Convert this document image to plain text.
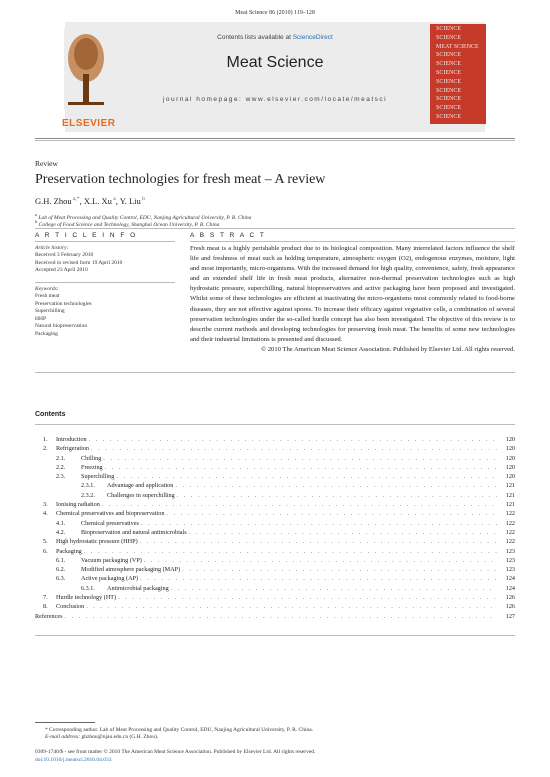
Meat Science 86 (2010) 119–128
ELSEVIER
Contents lists available at ScienceDirect
Meat Science
journal homepage: www.elsevier.com/locate/meatsci
SCIENCE
SCIENCE
MEAT SCIENCE
SCIENCE
SCIENCE
SCIENCE
SCIENCE
SCIENCE
SCIENCE
SCIENCE
SCIENCE
Review
Preservation technologies for fresh meat – A review
G.H. Zhou $^{a,*}$, X.L. Xu $^a$, Y. Liu $^b$
$^a$ Lab of Meat Processing and Quality Control, EDU, Nanjing Agricultural University, P. R. China
$^b$ College of Food Science and Technology, Shanghai Ocean University, P. R. China
A R T I C L E I N F O	A B S T R A C T
Article history:
Received 3 February 2010
Received in revised form 19 April 2010
Accepted 23 April 2010
Keywords:
Fresh meat
Preservation technologies
Superchilling
HHP
Natural biopreservation
Packaging
Fresh meat is a highly perishable product due to its biological composition. Many interrelated factors influence the shelf life and freshness of meat such as holding temperature, atmospheric oxygen (O2), endogenous enzymes, moisture, light and most importantly, micro-organisms. With the increased demand for high quality, convenience, safety, fresh appearance and an extended shelf life in fresh meat products, alternative non-thermal preservation technologies such as high hydrostatic pressure, superchilling, natural biopreservatives and active packaging have been proposed and investigated. Whilst some of these technologies are efficient at inactivating the micro-organisms most commonly related to food-borne diseases, they are not effective against spores. To increase their efficacy against vegetative cells, a combination of several preservation technologies under the so-called hurdle concept has also been investigated. The objective of this review is to describe current methods and developing technologies for preserving fresh meat. The benefits of some new technologies and their industrial limitations is presented and discussed.
© 2010 The American Meat Science Association. Published by Elsevier Ltd. All rights reserved.
Contents
1.	Introduction . . .	120
2.	Refrigeration . . .	120
2.1.	Chilling . . .	120
2.2.	Freezing . . .	120
2.3.	Superchilling . . .	120
2.3.1.	Advantage and application . . .	121
2.3.2.	Challenges in superchilling . . .	121
3.	Ionising radiation . . .	121
4.	Chemical preservatives and biopreservation . . .	122
4.1.	Chemical preservatives . . .	122
4.2.	Biopreservation and natural antimicrobials . . .	122
5.	High hydrostatic pressure (HHP) . . .	122
6.	Packaging . . .	123
6.1.	Vacuum packaging (VP) . . .	123
6.2.	Modified atmosphere packaging (MAP) . . .	123
6.3.	Active packaging (AP) . . .	124
6.3.1.	Antimicrobial packaging . . .	124
7.	Hurdle technology (HT) . . .	126
8.	Conclusion . . .	126
References . . .	127
* Corresponding author. Lab of Meat Processing and Quality Control, EDU, Nanjing Agricultural University, P. R. China.
E-mail address: ghzhou@njau.edu.cn (G.H. Zhou).
0309-1740/$ - see front matter © 2010 The American Meat Science Association. Published by Elsevier Ltd. All rights reserved.
doi:10.1016/j.meatsci.2010.04.033
